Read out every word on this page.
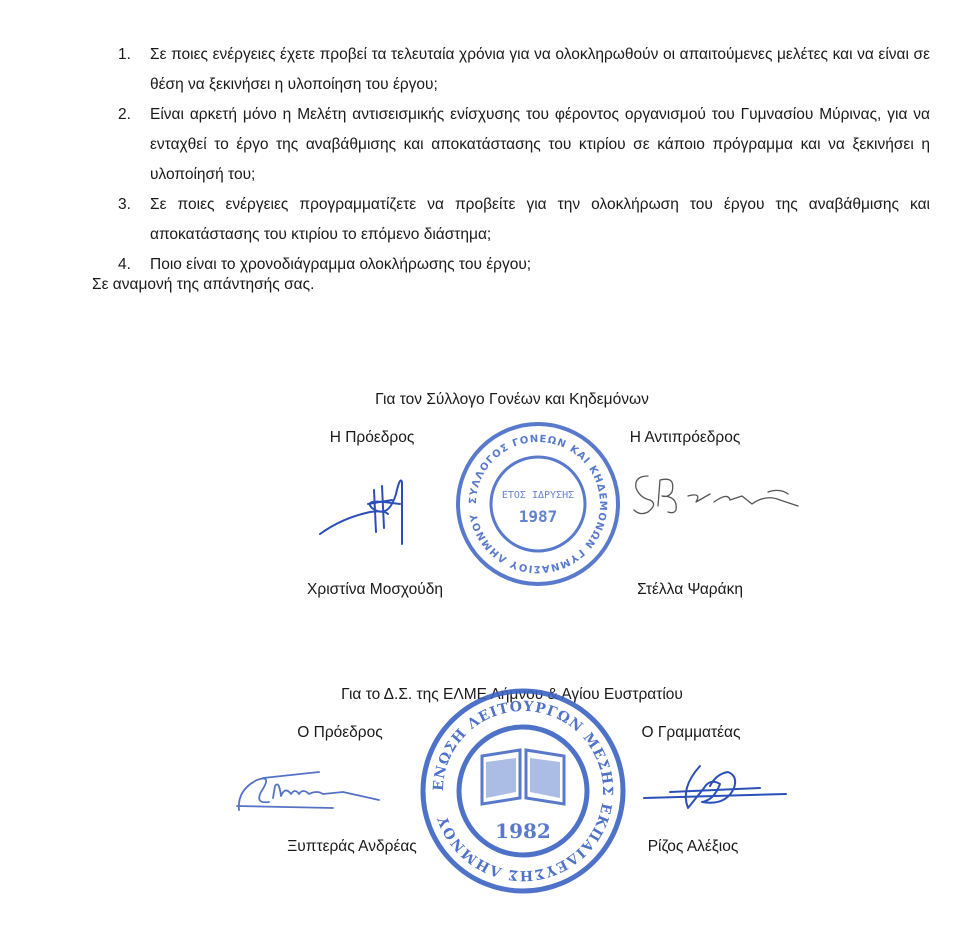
1. Σε ποιες ενέργειες έχετε προβεί τα τελευταία χρόνια για να ολοκληρωθούν οι απαιτούμενες μελέτες και να είναι σε θέση να ξεκινήσει η υλοποίηση του έργου;
2. Είναι αρκετή μόνο η Μελέτη αντισεισμικής ενίσχυσης του φέροντος οργανισμού του Γυμνασίου Μύρινας, για να ενταχθεί το έργο της αναβάθμισης και αποκατάστασης του κτιρίου σε κάποιο πρόγραμμα και να ξεκινήσει η υλοποίησή του;
3. Σε ποιες ενέργειες προγραμματίζετε να προβείτε για την ολοκλήρωση του έργου της αναβάθμισης και αποκατάστασης του κτιρίου το επόμενο διάστημα;
4. Ποιο είναι το χρονοδιάγραμμα ολοκλήρωσης του έργου;

Σε αναμονή της απάντησής σας.

Για τον Σύλλογο Γονέων και Κηδεμόνων
Η Πρόεδρος	Η Αντιπρόεδρος
ΣΥΛΛΟΓΟΣ ΓΟΝΕΩΝ ΚΑΙ ΚΗΔΕΜΟΝΩΝ ΓΥΜΝΑΣΙΟΥ ΛΗΜΝΟΥ
ΕΤΟΣ ΙΔΡΥΣΗΣ
1987
Χριστίνα Μοσχούδη	Στέλλα Ψαράκη
Για το Δ.Σ. της ΕΛΜΕ Λήμνου & Αγίου Ευστρατίου
Ο Πρόεδρος	Ο Γραμματέας
ΕΝΩΣΗ ΛΕΙΤΟΥΡΓΩΝ ΜΕΣΗΣ ΕΚΠΑΙΔΕΥΣΗΣ ΛΗΜΝΟΥ	1982
Ξυπτεράς Ανδρέας	Ρίζος Αλέξιος
